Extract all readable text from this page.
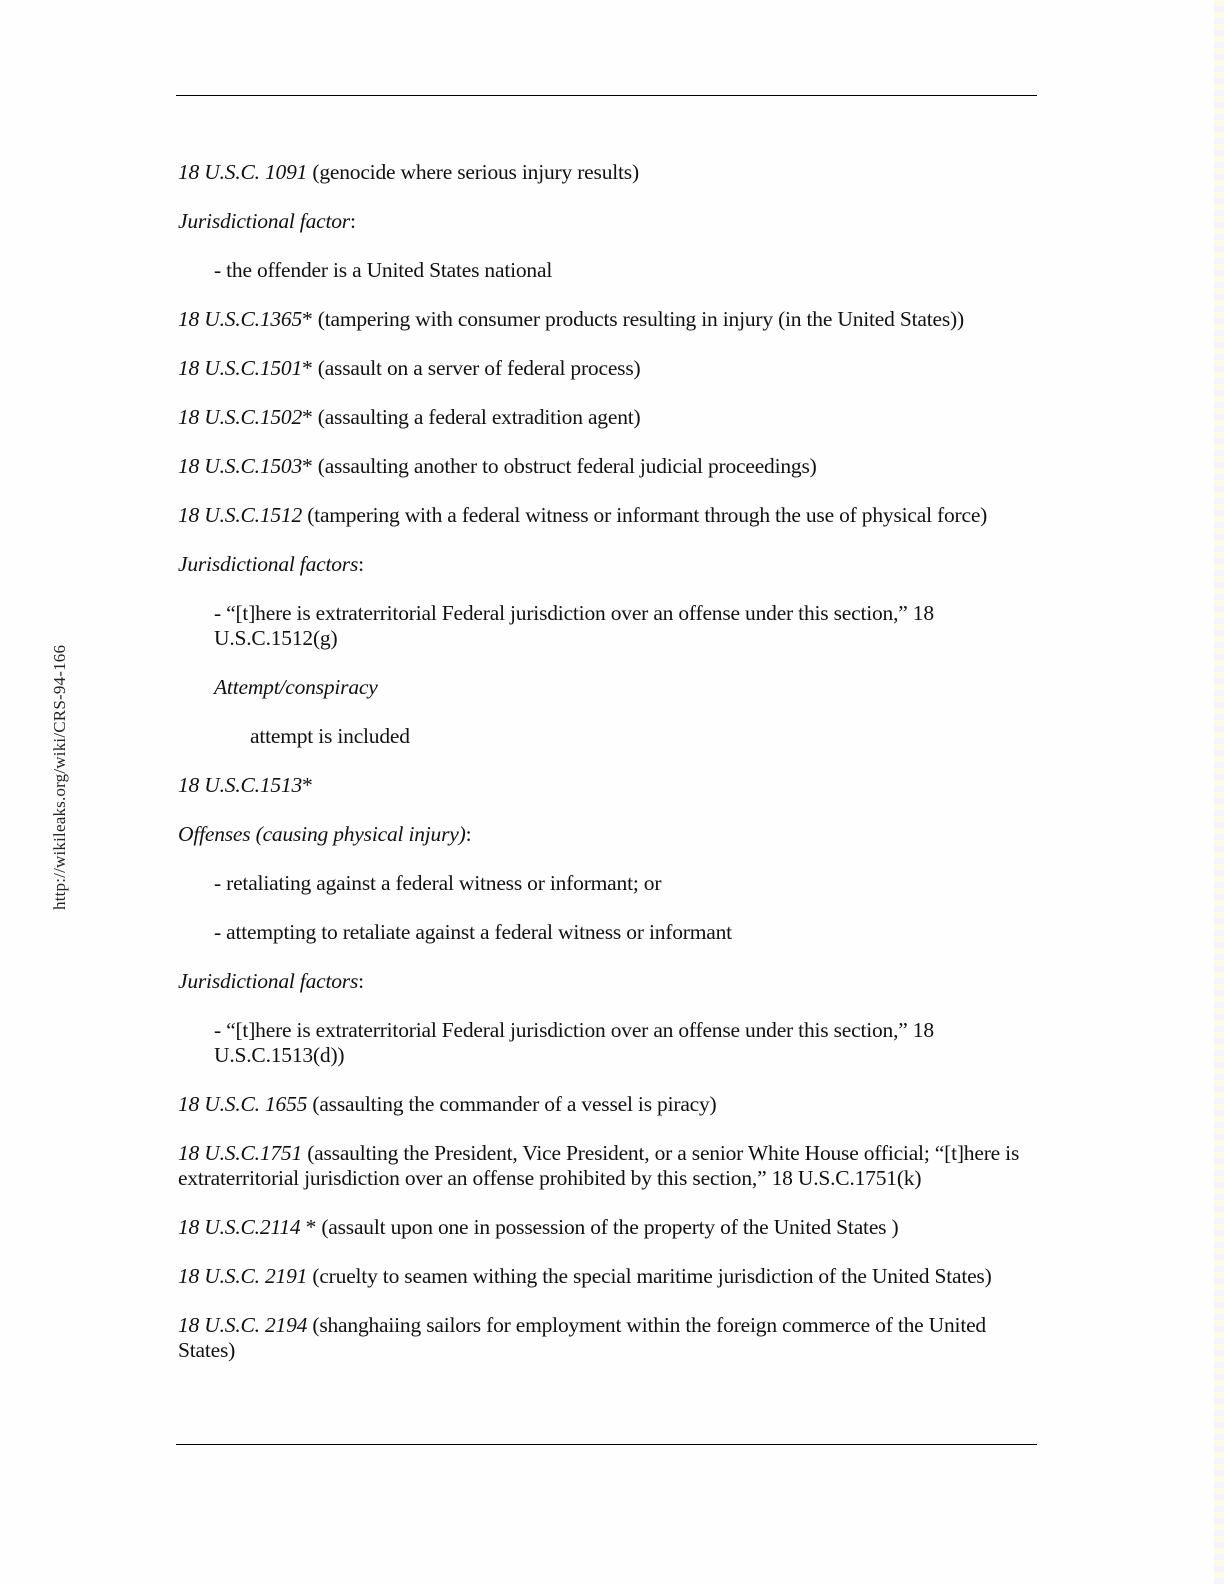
http://wikileaks.org/wiki/CRS-94-166

18 U.S.C. 1091 (genocide where serious injury results)

Jurisdictional factor:

- the offender is a United States national

18 U.S.C.1365* (tampering with consumer products resulting in injury (in the United States))

18 U.S.C.1501* (assault on a server of federal process)

18 U.S.C.1502* (assaulting a federal extradition agent)

18 U.S.C.1503* (assaulting another to obstruct federal judicial proceedings)

18 U.S.C.1512 (tampering with a federal witness or informant through the use of physical force)

Jurisdictional factors:

- “[t]here is extraterritorial Federal jurisdiction over an offense under this section,” 18 U.S.C.1512(g)

Attempt/conspiracy

attempt is included

18 U.S.C.1513*

Offenses (causing physical injury):

- retaliating against a federal witness or informant; or

- attempting to retaliate against a federal witness or informant

Jurisdictional factors:

- “[t]here is extraterritorial Federal jurisdiction over an offense under this section,” 18 U.S.C.1513(d))

18 U.S.C. 1655 (assaulting the commander of a vessel is piracy)

18 U.S.C.1751 (assaulting the President, Vice President, or a senior White House official; “[t]here is extraterritorial jurisdiction over an offense prohibited by this section,” 18 U.S.C.1751(k)

18 U.S.C.2114 * (assault upon one in possession of the property of the United States )

18 U.S.C. 2191 (cruelty to seamen withing the special maritime jurisdiction of the United States)

18 U.S.C. 2194 (shanghaiing sailors for employment within the foreign commerce of the United States)
